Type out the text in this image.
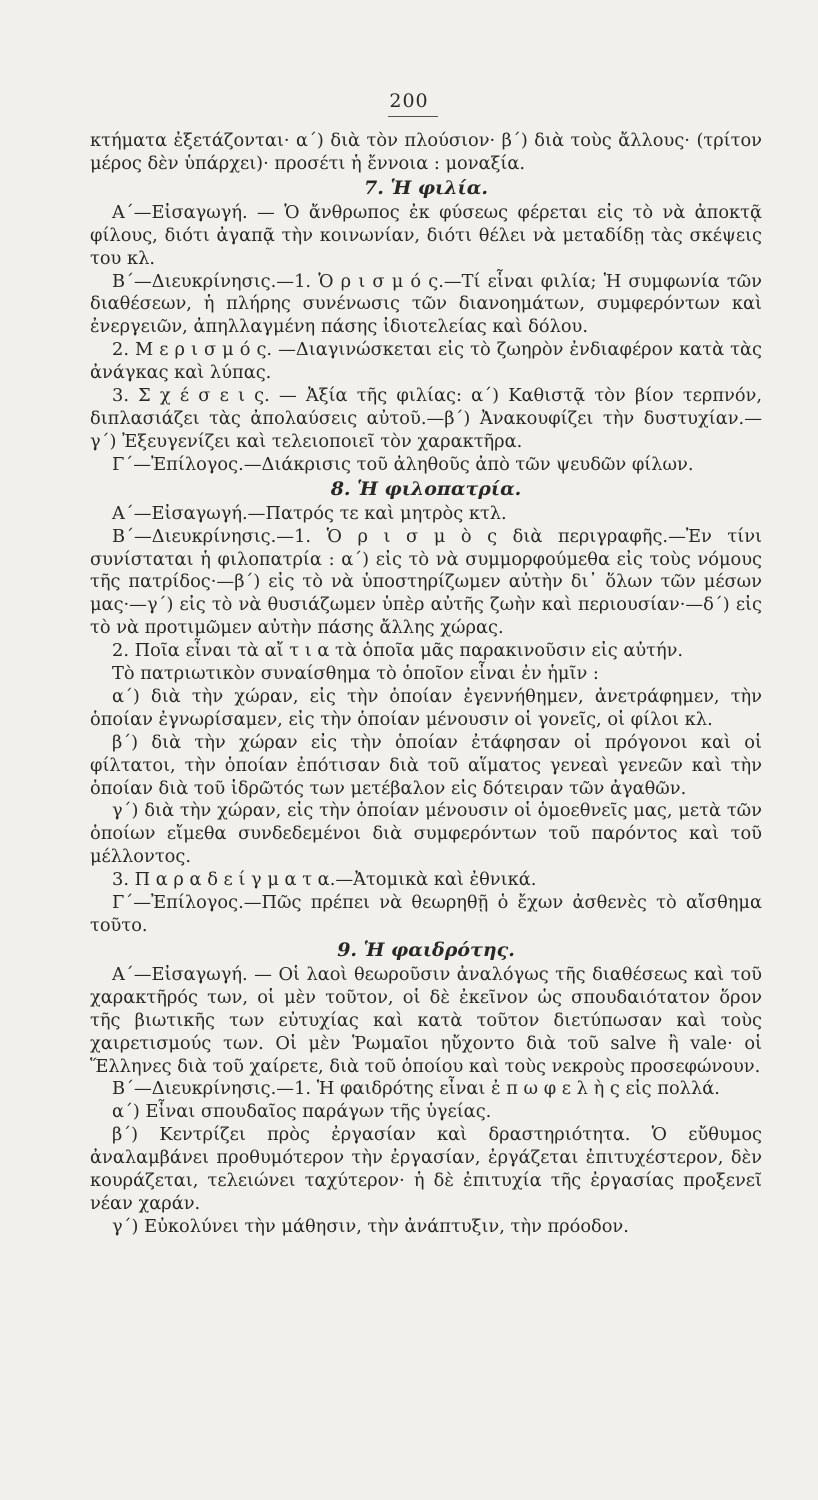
200

κτήματα ἐξετάζονται· α΄) διὰ τὸν πλούσιον· β΄) διὰ τοὺς ἄλλους· (τρίτον μέρος δὲν ὑπάρχει)· προσέτι ἡ ἔννοια : μοναξία.

7. Ἡ φιλία.

Α΄—Εἰσαγωγή. — Ὁ ἄνθρωπος ἐκ φύσεως φέρεται εἰς τὸ νὰ ἀποκτᾷ φίλους, διότι ἀγαπᾷ τὴν κοινωνίαν, διότι θέλει νὰ μεταδίδῃ τὰς σκέψεις του κλ.

Β΄—Διευκρίνησις.—1. Ὁ ρ ι σ μ ό ς.—Τί εἶναι φιλία; Ἡ συμφωνία τῶν διαθέσεων, ἡ πλήρης συνένωσις τῶν διανοημάτων, συμφερόντων καὶ ἐνεργειῶν, ἀπηλλαγμένη πάσης ἰδιοτελείας καὶ δόλου.

2. Μ ε ρ ι σ μ ό ς. —Διαγινώσκεται εἰς τὸ ζωηρὸν ἐνδιαφέρον κατὰ τὰς ἀνάγκας καὶ λύπας.

3. Σ χ έ σ ε ι ς. — Ἀξία τῆς φιλίας: α΄) Καθιστᾷ τὸν βίον τερπνόν, διπλασιάζει τὰς ἀπολαύσεις αὐτοῦ.—β΄) Ἀνακουφίζει τὴν δυστυχίαν.— γ΄) Ἐξευγενίζει καὶ τελειοποιεῖ τὸν χαρακτῆρα.

Γ΄—Ἐπίλογος.—Διάκρισις τοῦ ἀληθοῦς ἀπὸ τῶν ψευδῶν φίλων.

8. Ἡ φιλοπατρία.

Α΄—Εἰσαγωγή.—Πατρός τε καὶ μητρὸς κτλ.

Β΄—Διευκρίνησις.—1. Ὁ ρ ι σ μ ὸ ς διὰ περιγραφῆς.—Ἐν τίνι συνίσταται ἡ φιλοπατρία : α΄) εἰς τὸ νὰ συμμορφούμεθα εἰς τοὺς νόμους τῆς πατρίδος·—β΄) εἰς τὸ νὰ ὑποστηρίζωμεν αὐτὴν δι᾿ ὅλων τῶν μέσων μας·—γ΄) εἰς τὸ νὰ θυσιάζωμεν ὑπὲρ αὐτῆς ζωὴν καὶ περιουσίαν·—δ΄) εἰς τὸ νὰ προτιμῶμεν αὐτὴν πάσης ἄλλης χώρας.

2. Ποῖα εἶναι τὰ αἴ τ ι α τὰ ὁποῖα μᾶς παρακινοῦσιν εἰς αὐτήν.

Τὸ πατριωτικὸν συναίσθημα τὸ ὁποῖον εἶναι ἐν ἡμῖν :

α΄) διὰ τὴν χώραν, εἰς τὴν ὁποίαν ἐγεννήθημεν, ἀνετράφημεν, τὴν ὁποίαν ἐγνωρίσαμεν, εἰς τὴν ὁποίαν μένουσιν οἱ γονεῖς, οἱ φίλοι κλ.

β΄) διὰ τὴν χώραν εἰς τὴν ὁποίαν ἐτάφησαν οἱ πρόγονοι καὶ οἱ φίλτατοι, τὴν ὁποίαν ἐπότισαν διὰ τοῦ αἵματος γενεαὶ γενεῶν καὶ τὴν ὁποίαν διὰ τοῦ ἱδρῶτός των μετέβαλον εἰς δότειραν τῶν ἀγαθῶν.

γ΄) διὰ τὴν χώραν, εἰς τὴν ὁποίαν μένουσιν οἱ ὁμοεθνεῖς μας, μετὰ τῶν ὁποίων εἴμεθα συνδεδεμένοι διὰ συμφερόντων τοῦ παρόντος καὶ τοῦ μέλλοντος.

3. Π α ρ α δ ε ί γ μ α τ α.—Ἀτομικὰ καὶ ἐθνικά.

Γ΄—Ἐπίλογος.—Πῶς πρέπει νὰ θεωρηθῇ ὁ ἔχων ἀσθενὲς τὸ αἴσθημα τοῦτο.

9. Ἡ φαιδρότης.

Α΄—Εἰσαγωγή. — Οἱ λαοὶ θεωροῦσιν ἀναλόγως τῆς διαθέσεως καὶ τοῦ χαρακτῆρός των, οἱ μὲν τοῦτον, οἱ δὲ ἐκεῖνον ὡς σπουδαιότατον ὅρον τῆς βιωτικῆς των εὐτυχίας καὶ κατὰ τοῦτον διετύπωσαν καὶ τοὺς χαιρετισμούς των. Οἱ μὲν Ῥωμαῖοι ηὔχοντο διὰ τοῦ salve ἢ vale· οἱ Ἕλληνες διὰ τοῦ χαίρετε, διὰ τοῦ ὁποίου καὶ τοὺς νεκροὺς προσεφώνουν.

Β΄—Διευκρίνησις.—1. Ἡ φαιδρότης εἶναι ἐ π ω φ ε λ ὴ ς εἰς πολλά.

α΄) Εἶναι σπουδαῖος παράγων τῆς ὑγείας.

β΄) Κεντρίζει πρὸς ἐργασίαν καὶ δραστηριότητα. Ὁ εὔθυμος ἀναλαμβάνει προθυμότερον τὴν ἐργασίαν, ἐργάζεται ἐπιτυχέστερον, δὲν κουράζεται, τελειώνει ταχύτερον· ἡ δὲ ἐπιτυχία τῆς ἐργασίας προξενεῖ νέαν χαράν.

γ΄) Εὐκολύνει τὴν μάθησιν, τὴν ἀνάπτυξιν, τὴν πρόοδον.
